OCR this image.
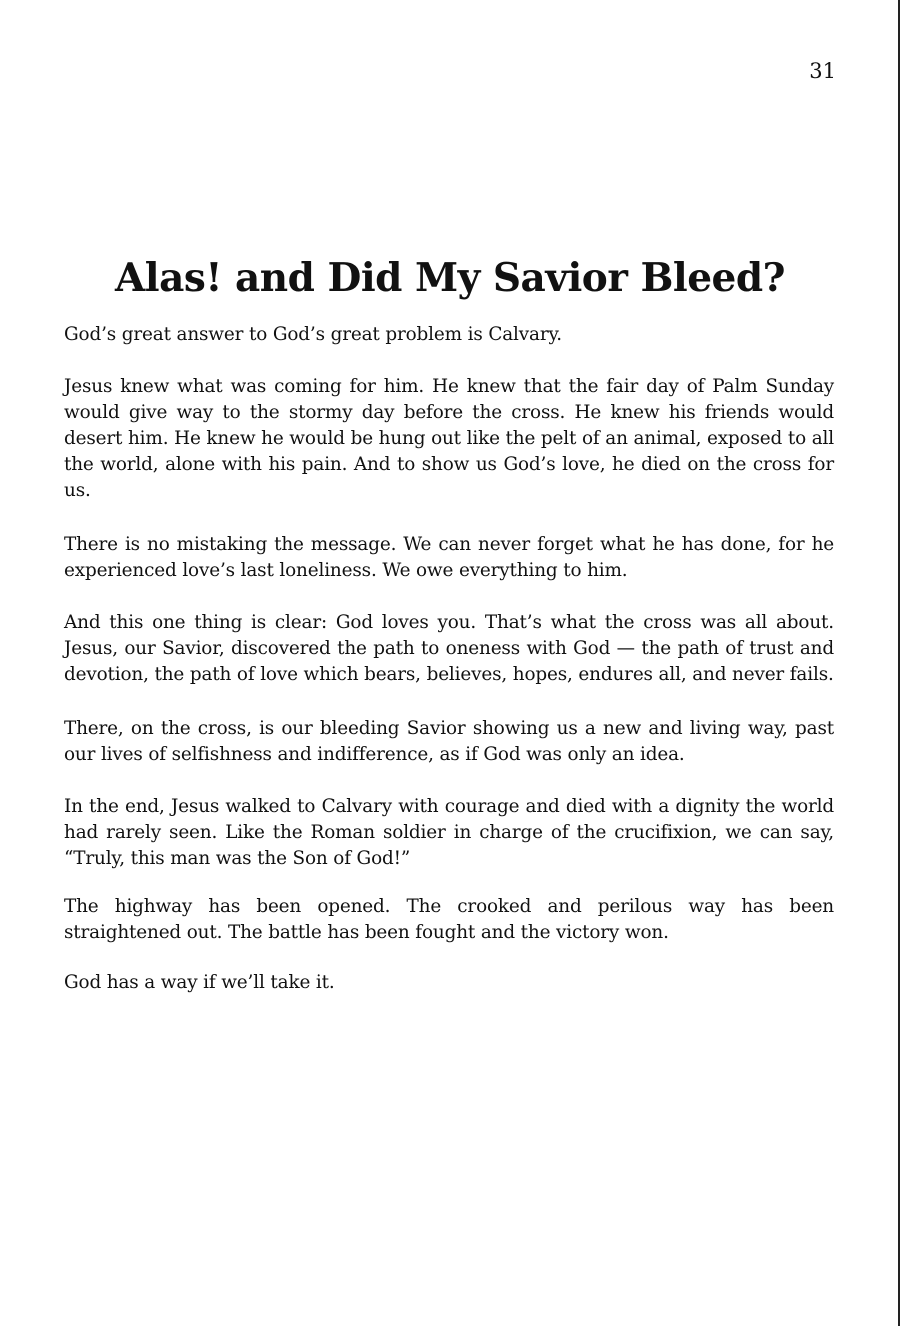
31
Alas! and Did My Savior Bleed?

God’s great answer to God’s great problem is Calvary.

Jesus knew what was coming for him. He knew that the fair day of Palm Sunday would give way to the stormy day before the cross. He knew his friends would desert him. He knew he would be hung out like the pelt of an animal, exposed to all the world, alone with his pain. And to show us God’s love, he died on the cross for us.

There is no mistaking the message. We can never forget what he has done, for he experienced love’s last loneliness. We owe everything to him.

And this one thing is clear: God loves you. That’s what the cross was all about. Jesus, our Savior, discovered the path to oneness with God — the path of trust and devotion, the path of love which bears, believes, hopes, endures all, and never fails.

There, on the cross, is our bleeding Savior showing us a new and living way, past our lives of selfishness and indifference, as if God was only an idea.

In the end, Jesus walked to Calvary with courage and died with a dignity the world had rarely seen. Like the Roman soldier in charge of the crucifixion, we can say, “Truly, this man was the Son of God!”

The highway has been opened. The crooked and perilous way has been straightened out. The battle has been fought and the victory won.

God has a way if we’ll take it.
